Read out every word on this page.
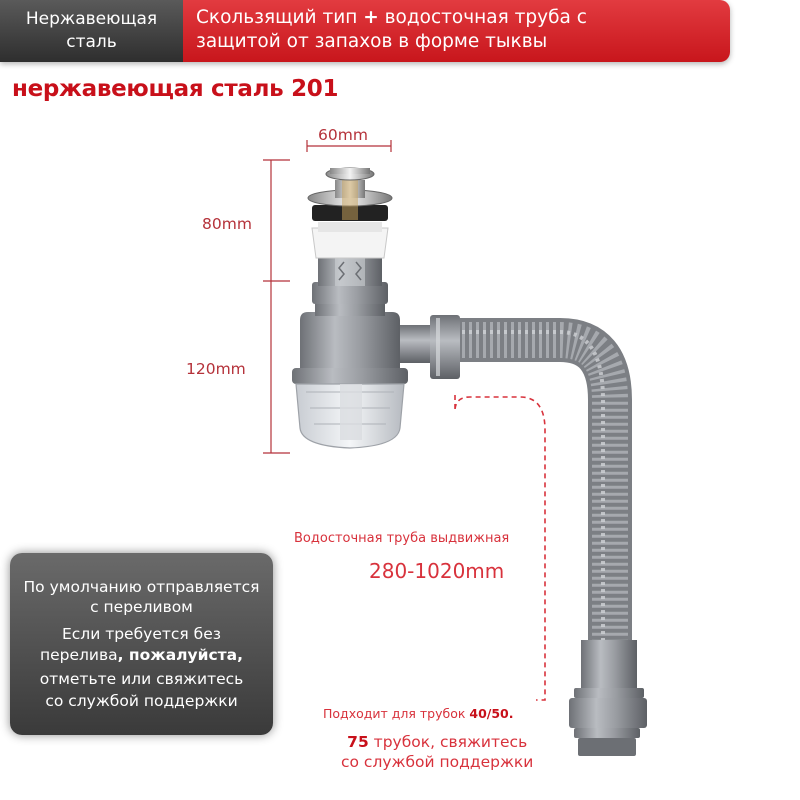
Нержавеющая
сталь
Скользящий тип + водосточная труба с
защитой от запахов в форме тыквы
нержавеющая сталь 201
60mm
80mm
120mm
Водосточная труба выдвижная
280-1020mm
По умолчанию отправляется
с переливом
Если требуется без
перелива, пожалуйста,
отметьте или свяжитесь
со службой поддержки
Подходит для трубок 40/50.
75 трубок, свяжитесь
со службой поддержки
